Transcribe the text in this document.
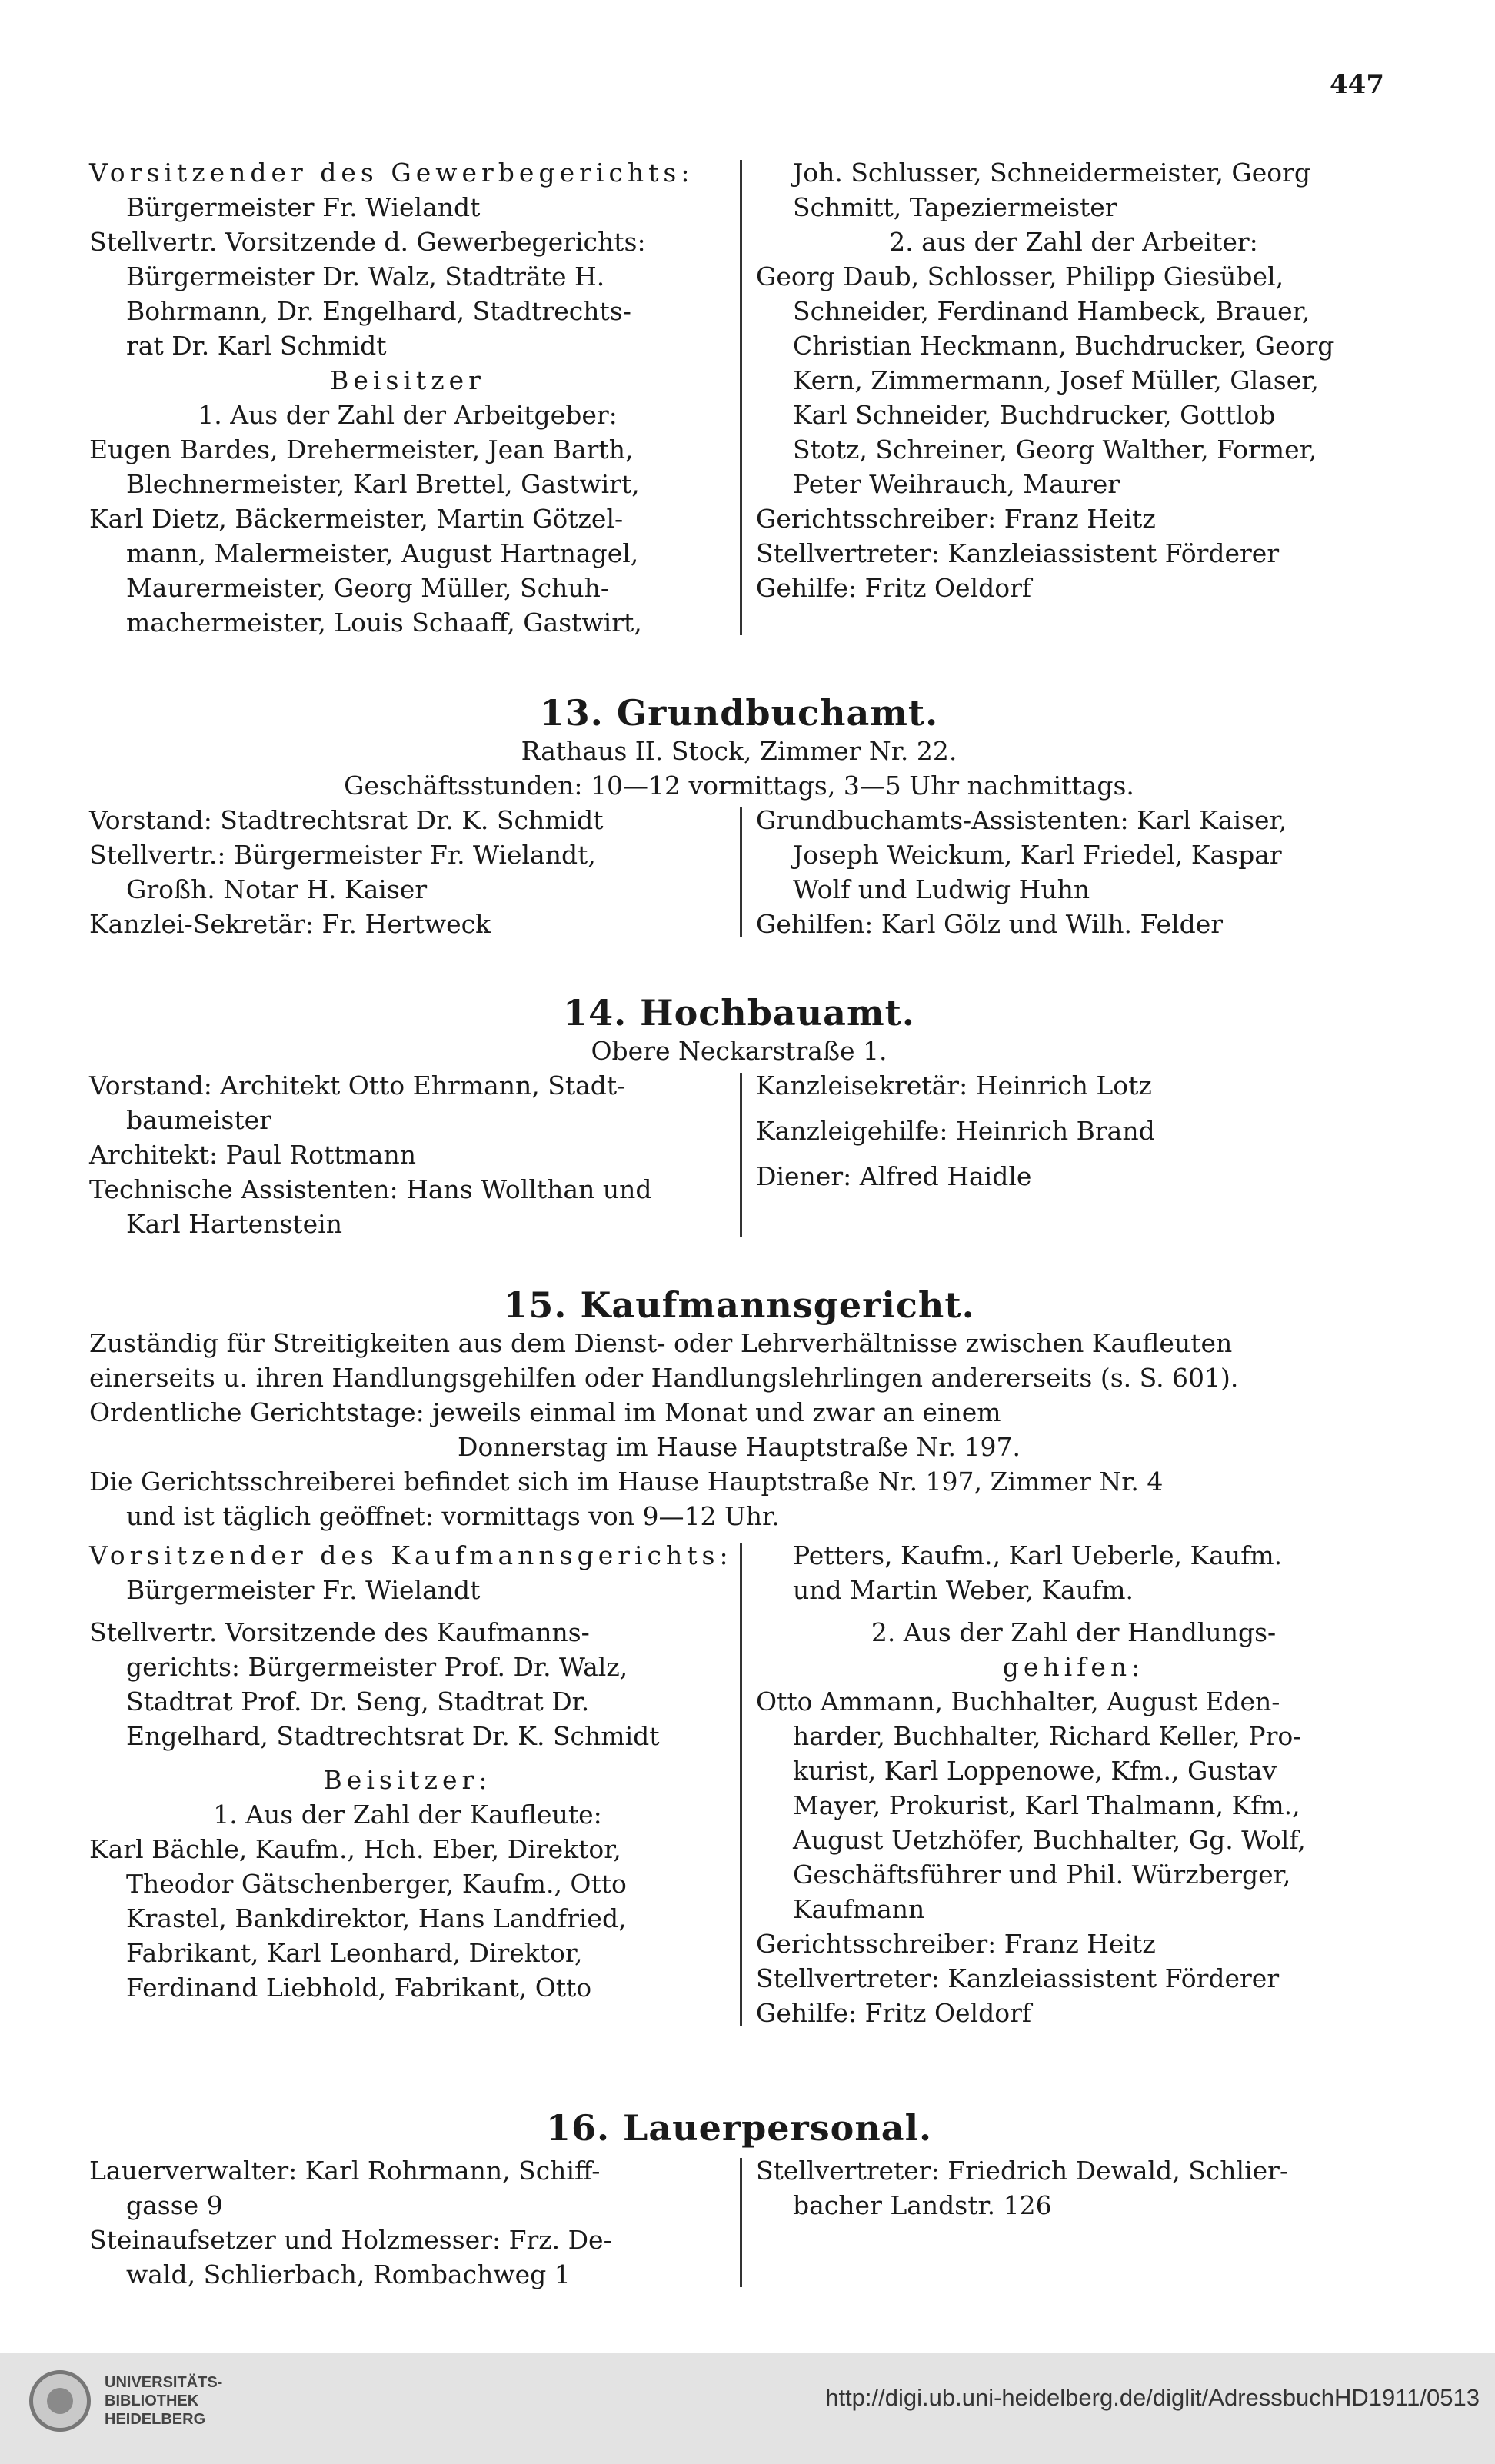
447
Vorsitzender des Gewerbegerichts:
Bürgermeister Fr. Wielandt
Stellvertr. Vorsitzende d. Gewerbegerichts:
Bürgermeister Dr. Walz, Stadträte H.
Bohrmann, Dr. Engelhard, Stadtrechts-
rat Dr. Karl Schmidt
Beisitzer
1. Aus der Zahl der Arbeitgeber:
Eugen Bardes, Drehermeister, Jean Barth,
Blechnermeister, Karl Brettel, Gastwirt,
Karl Dietz, Bäckermeister, Martin Götzel-
mann, Malermeister, August Hartnagel,
Maurermeister, Georg Müller, Schuh-
machermeister, Louis Schaaff, Gastwirt,
Joh. Schlusser, Schneidermeister, Georg
Schmitt, Tapeziermeister
2. aus der Zahl der Arbeiter:
Georg Daub, Schlosser, Philipp Giesübel,
Schneider, Ferdinand Hambeck, Brauer,
Christian Heckmann, Buchdrucker, Georg
Kern, Zimmermann, Josef Müller, Glaser,
Karl Schneider, Buchdrucker, Gottlob
Stotz, Schreiner, Georg Walther, Former,
Peter Weihrauch, Maurer
Gerichtsschreiber: Franz Heitz
Stellvertreter: Kanzleiassistent Förderer
Gehilfe: Fritz Oeldorf
13. Grundbuchamt.
Rathaus II. Stock, Zimmer Nr. 22.
Geschäftsstunden: 10—12 vormittags, 3—5 Uhr nachmittags.
Vorstand: Stadtrechtsrat Dr. K. Schmidt
Stellvertr.: Bürgermeister Fr. Wielandt,
Großh. Notar H. Kaiser
Kanzlei-Sekretär: Fr. Hertweck
Grundbuchamts-Assistenten: Karl Kaiser,
Joseph Weickum, Karl Friedel, Kaspar
Wolf und Ludwig Huhn
Gehilfen: Karl Gölz und Wilh. Felder
14. Hochbauamt.
Obere Neckarstraße 1.
Vorstand: Architekt Otto Ehrmann, Stadt-
baumeister
Architekt: Paul Rottmann
Technische Assistenten: Hans Wollthan und
Karl Hartenstein
Kanzleisekretär: Heinrich Lotz
Kanzleigehilfe: Heinrich Brand
Diener: Alfred Haidle
15. Kaufmannsgericht.
Zuständig für Streitigkeiten aus dem Dienst- oder Lehrverhältnisse zwischen Kaufleuten
einerseits u. ihren Handlungsgehilfen oder Handlungslehrlingen andererseits (s. S. 601).
Ordentliche Gerichtstage: jeweils einmal im Monat und zwar an einem
Donnerstag im Hause Hauptstraße Nr. 197.
Die Gerichtsschreiberei befindet sich im Hause Hauptstraße Nr. 197, Zimmer Nr. 4
und ist täglich geöffnet: vormittags von 9—12 Uhr.
Vorsitzender des Kaufmannsgerichts:
Bürgermeister Fr. Wielandt
Stellvertr. Vorsitzende des Kaufmanns-
gerichts: Bürgermeister Prof. Dr. Walz,
Stadtrat Prof. Dr. Seng, Stadtrat Dr.
Engelhard, Stadtrechtsrat Dr. K. Schmidt
Beisitzer:
1. Aus der Zahl der Kaufleute:
Karl Bächle, Kaufm., Hch. Eber, Direktor,
Theodor Gätschenberger, Kaufm., Otto
Krastel, Bankdirektor, Hans Landfried,
Fabrikant, Karl Leonhard, Direktor,
Ferdinand Liebhold, Fabrikant, Otto
Petters, Kaufm., Karl Ueberle, Kaufm.
und Martin Weber, Kaufm.
2. Aus der Zahl der Handlungs-
gehifen:
Otto Ammann, Buchhalter, August Eden-
harder, Buchhalter, Richard Keller, Pro-
kurist, Karl Loppenowe, Kfm., Gustav
Mayer, Prokurist, Karl Thalmann, Kfm.,
August Uetzhöfer, Buchhalter, Gg. Wolf,
Geschäftsführer und Phil. Würzberger,
Kaufmann
Gerichtsschreiber: Franz Heitz
Stellvertreter: Kanzleiassistent Förderer
Gehilfe: Fritz Oeldorf
16. Lauerpersonal.
Lauerverwalter: Karl Rohrmann, Schiff-
gasse 9
Steinaufsetzer und Holzmesser: Frz. De-
wald, Schlierbach, Rombachweg 1
Stellvertreter: Friedrich Dewald, Schlier-
bacher Landstr. 126
UNIVERSITÄTS-
BIBLIOTHEK
HEIDELBERG
http://digi.ub.uni-heidelberg.de/diglit/AdressbuchHD1911/0513
